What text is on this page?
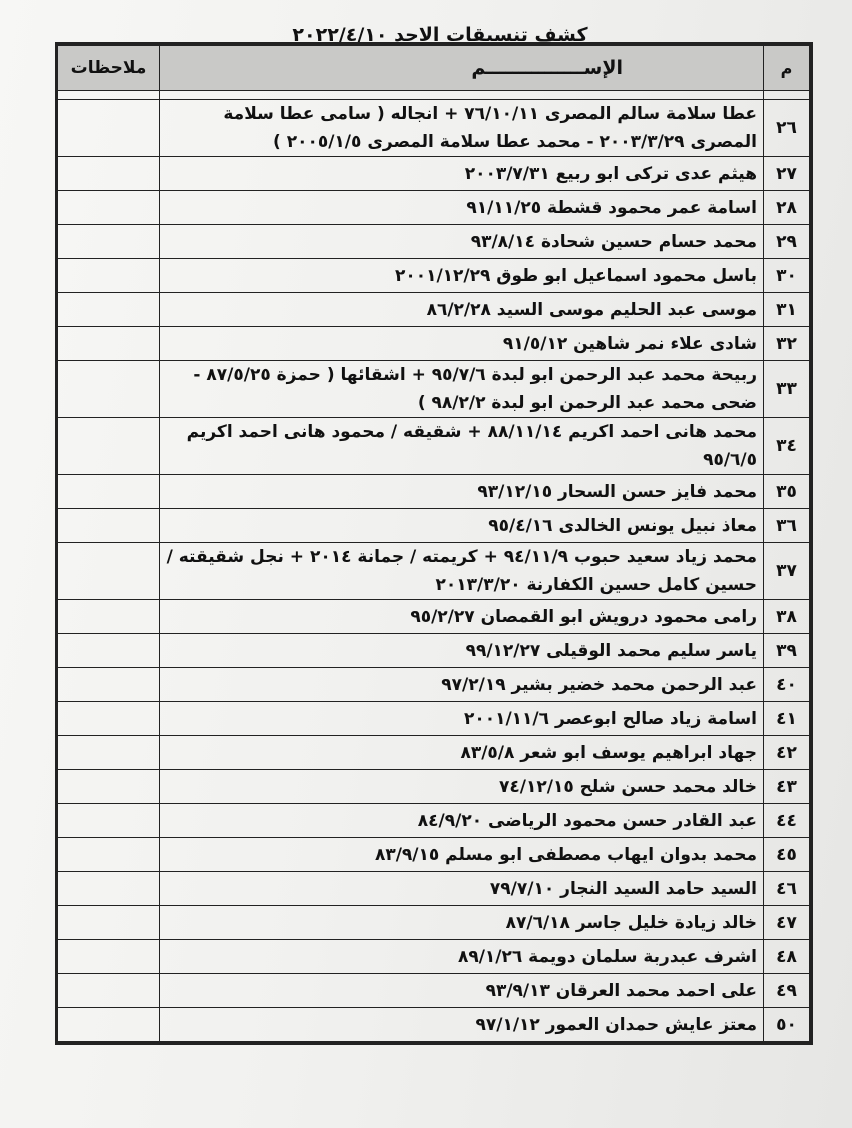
كشف تنسيقات الاحد ٢٠٢٢/٤/١٠
م	الإســـــــــــــــم	ملاحظات

٢٦	عطا سلامة سالم المصرى ٧٦/١٠/١١ + انجاله ( سامى عطا سلامة المصرى ٢٠٠٣/٣/٢٩ - محمد عطا سلامة المصرى ٢٠٠٥/١/٥ )	
٢٧	هيثم عدى تركى ابو ربيع ٢٠٠٣/٧/٣١	
٢٨	اسامة عمر محمود قشطة ٩١/١١/٢٥	
٢٩	محمد حسام حسين شحادة ٩٣/٨/١٤	
٣٠	باسل محمود اسماعيل ابو طوق ٢٠٠١/١٢/٢٩	
٣١	موسى عبد الحليم موسى السيد ٨٦/٢/٢٨	
٣٢	شادى علاء نمر شاهين ٩١/٥/١٢	
٣٣	ربيحة محمد عبد الرحمن ابو لبدة ٩٥/٧/٦ + اشقائها ( حمزة ٨٧/٥/٢٥ - ضحى محمد عبد الرحمن ابو لبدة ٩٨/٢/٢ )	
٣٤	محمد هانى احمد اكريم ٨٨/١١/١٤ + شقيقه / محمود هانى احمد اكريم ٩٥/٦/٥	
٣٥	محمد فايز حسن السحار ٩٣/١٢/١٥	
٣٦	معاذ نبيل يونس الخالدى ٩٥/٤/١٦	
٣٧	محمد زياد سعيد حبوب ٩٤/١١/٩ + كريمته / جمانة ٢٠١٤ + نجل شقيقته / حسين كامل حسين الكفارنة ٢٠١٣/٣/٢٠	
٣٨	رامى محمود درويش ابو القمصان ٩٥/٢/٢٧	
٣٩	ياسر سليم محمد الوقيلى ٩٩/١٢/٢٧	
٤٠	عبد الرحمن محمد خضير بشير ٩٧/٢/١٩	
٤١	اسامة زياد صالح ابوعصر ٢٠٠١/١١/٦	
٤٢	جهاد ابراهيم يوسف ابو شعر ٨٣/٥/٨	
٤٣	خالد محمد حسن شلح ٧٤/١٢/١٥	
٤٤	عبد القادر حسن محمود الرياضى ٨٤/٩/٢٠	
٤٥	محمد بدوان ايهاب مصطفى ابو مسلم ٨٣/٩/١٥	
٤٦	السيد حامد السيد النجار ٧٩/٧/١٠	
٤٧	خالد زيادة خليل جاسر ٨٧/٦/١٨	
٤٨	اشرف عبدربة سلمان دويمة ٨٩/١/٢٦	
٤٩	على احمد محمد العرقان ٩٣/٩/١٣	
٥٠	معتز عايش حمدان العمور ٩٧/١/١٢	
